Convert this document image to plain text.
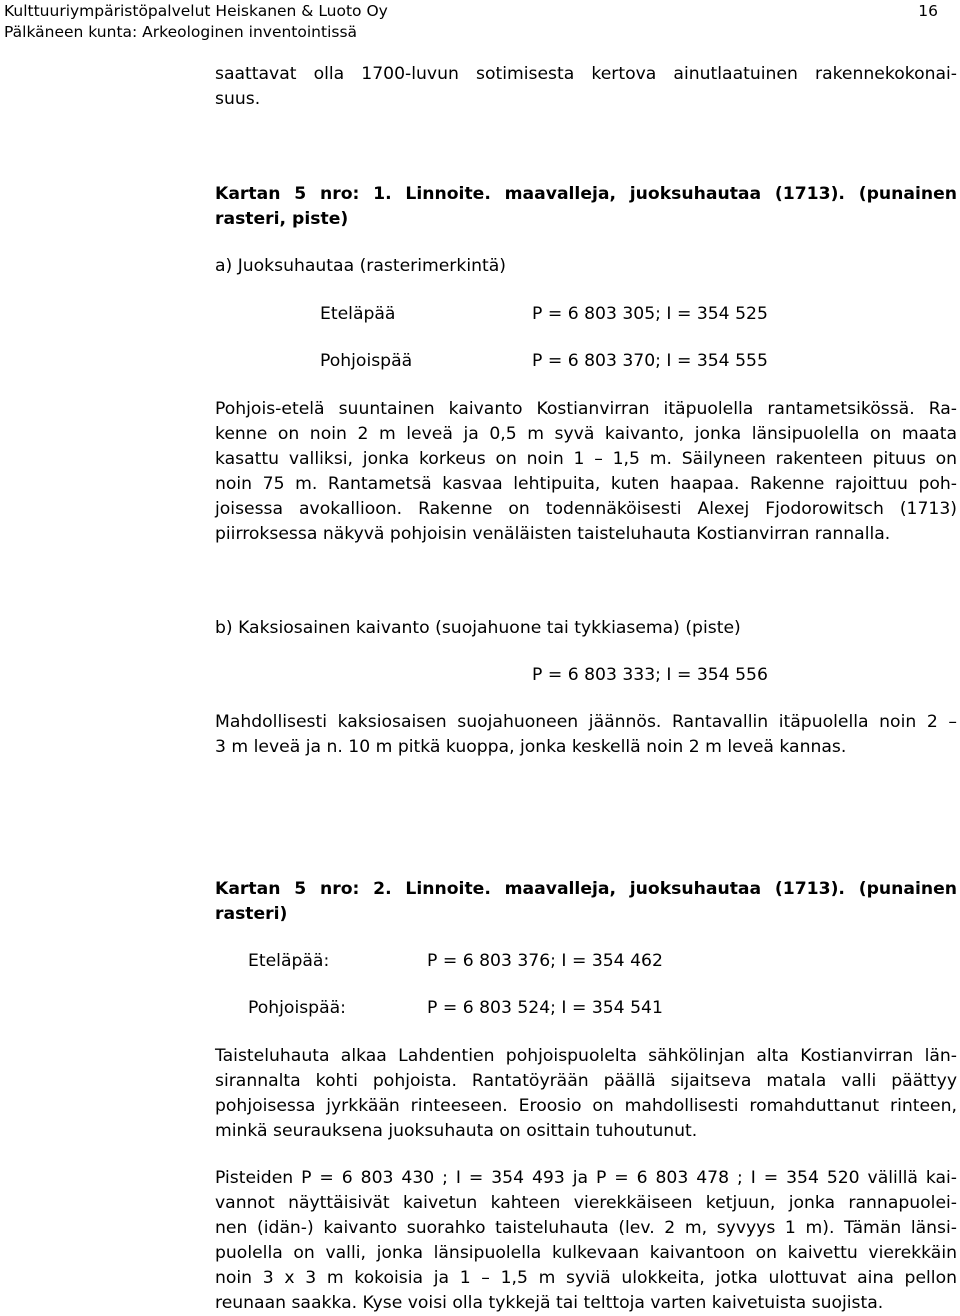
Kulttuuriympäristöpalvelut Heiskanen & Luoto Oy
Pälkäneen kunta: Arkeologinen inventointissä
16
saattavat olla 1700-luvun sotimisesta kertova ainutlaatuinen rakennekokonai-
suus.
Kartan 5 nro: 1. Linnoite. maavalleja, juoksuhautaa (1713). (punainen
rasteri, piste)
a) Juoksuhautaa (rasterimerkintä)
Eteläpää	P = 6 803 305; I = 354 525
Pohjoispää	P = 6 803 370; I = 354 555
Pohjois-etelä suuntainen kaivanto Kostianvirran itäpuolella rantametsikössä. Ra-
kenne on noin 2 m leveä ja 0,5 m syvä kaivanto, jonka länsipuolella on maata
kasattu valliksi, jonka korkeus on noin 1 – 1,5 m. Säilyneen rakenteen pituus on
noin 75 m. Rantametsä kasvaa lehtipuita, kuten haapaa. Rakenne rajoittuu poh-
joisessa avokallioon. Rakenne on todennäköisesti Alexej Fjodorowitsch (1713)
piirroksessa näkyvä pohjoisin venäläisten taisteluhauta Kostianvirran rannalla.
b) Kaksiosainen kaivanto (suojahuone tai tykkiasema) (piste)
P = 6 803 333; I = 354 556
Mahdollisesti kaksiosaisen suojahuoneen jäännös. Rantavallin itäpuolella noin 2 –
3 m leveä ja n. 10 m pitkä kuoppa, jonka keskellä noin 2 m leveä kannas.
Kartan 5 nro: 2. Linnoite. maavalleja, juoksuhautaa (1713). (punainen
rasteri)
Eteläpää:	P = 6 803 376; I = 354 462
Pohjoispää:	P = 6 803 524; I = 354 541
Taisteluhauta alkaa Lahdentien pohjoispuolelta sähkölinjan alta Kostianvirran län-
sirannalta kohti pohjoista. Rantatöyrään päällä sijaitseva matala valli päättyy
pohjoisessa jyrkkään rinteeseen. Eroosio on mahdollisesti romahduttanut rinteen,
minkä seurauksena juoksuhauta on osittain tuhoutunut.
Pisteiden P = 6 803 430 ; I = 354 493 ja P = 6 803 478 ; I = 354 520 välillä kai-
vannot näyttäisivät kaivetun kahteen vierekkäiseen ketjuun, jonka rannapuolei-
nen (idän-) kaivanto suorahko taisteluhauta (lev. 2 m, syvyys 1 m). Tämän länsi-
puolella on valli, jonka länsipuolella kulkevaan kaivantoon on kaivettu vierekkäin
noin 3 x 3 m kokoisia ja 1 – 1,5 m syviä ulokkeita, jotka ulottuvat aina pellon
reunaan saakka. Kyse voisi olla tykkejä tai telttoja varten kaivetuista suojista.
